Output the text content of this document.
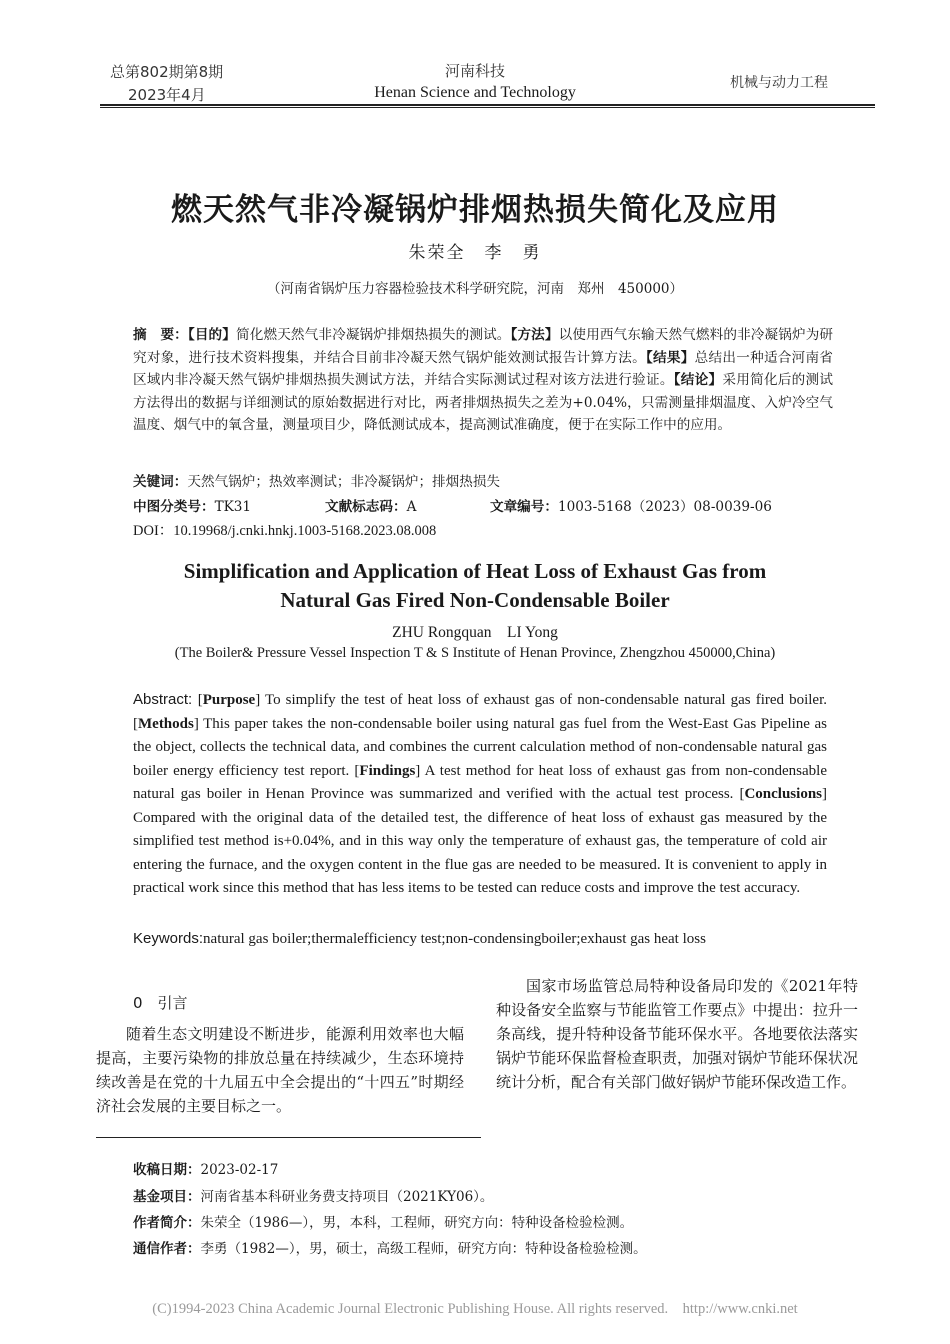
总第802期第8期
2023年4月
河南科技
Henan Science and Technology
机械与动力工程
燃天然气非冷凝锅炉排烟热损失简化及应用
朱荣全　李　勇
（河南省锅炉压力容器检验技术科学研究院，河南　郑州　450000）
摘　要：【目的】简化燃天然气非冷凝锅炉排烟热损失的测试。【方法】以使用西气东输天然气燃料的非冷凝锅炉为研究对象，进行技术资料搜集，并结合目前非冷凝天然气锅炉能效测试报告计算方法。【结果】总结出一种适合河南省区域内非冷凝天然气锅炉排烟热损失测试方法，并结合实际测试过程对该方法进行验证。【结论】采用简化后的测试方法得出的数据与详细测试的原始数据进行对比，两者排烟热损失之差为+0.04%，只需测量排烟温度、入炉冷空气温度、烟气中的氧含量，测量项目少，降低测试成本，提高测试准确度，便于在实际工作中的应用。
关键词：天然气锅炉；热效率测试；非冷凝锅炉；排烟热损失
中图分类号：TK31	文献标志码：A	文章编号：1003-5168（2023）08-0039-06
DOI：10.19968/j.cnki.hnkj.1003-5168.2023.08.008
Simplification and Application of Heat Loss of Exhaust Gas from
Natural Gas Fired Non-Condensable Boiler
ZHU Rongquan　LI Yong
(The Boiler& Pressure Vessel Inspection T & S Institute of Henan Province, Zhengzhou 450000,China)
Abstract: [Purpose] To simplify the test of heat loss of exhaust gas of non-condensable natural gas fired boiler. [Methods] This paper takes the non-condensable boiler using natural gas fuel from the West-East Gas Pipeline as the object, collects the technical data, and combines the current calculation method of non-condensable natural gas boiler energy efficiency test report. [Findings] A test method for heat loss of exhaust gas from non-condensable natural gas boiler in Henan Province was summarized and verified with the actual test process. [Conclusions] Compared with the original data of the detailed test, the difference of heat loss of exhaust gas measured by the simplified test method is+0.04%, and in this way only the temperature of exhaust gas, the temperature of cold air entering the furnace, and the oxygen content in the flue gas are needed to be measured. It is convenient to apply in practical work since this method that has less items to be tested can reduce costs and improve the test accuracy.
Keywords:natural gas boiler;thermalefficiency test;non-condensingboiler;exhaust gas heat loss
0　引言
随着生态文明建设不断进步，能源利用效率也大幅提高，主要污染物的排放总量在持续减少，生态环境持续改善是在党的十九届五中全会提出的“十四五”时期经济社会发展的主要目标之一。
国家市场监管总局特种设备局印发的《2021年特种设备安全监察与节能监管工作要点》中提出：拉升一条高线，提升特种设备节能环保水平。各地要依法落实锅炉节能环保监督检查职责，加强对锅炉节能环保状况统计分析，配合有关部门做好锅炉节能环保改造工作。
收稿日期：2023-02-17
基金项目：河南省基本科研业务费支持项目（2021KY06）。
作者简介：朱荣全（1986—），男，本科，工程师，研究方向：特种设备检验检测。
通信作者：李勇（1982—），男，硕士，高级工程师，研究方向：特种设备检验检测。
(C)1994-2023 China Academic Journal Electronic Publishing House. All rights reserved.　http://www.cnki.net
